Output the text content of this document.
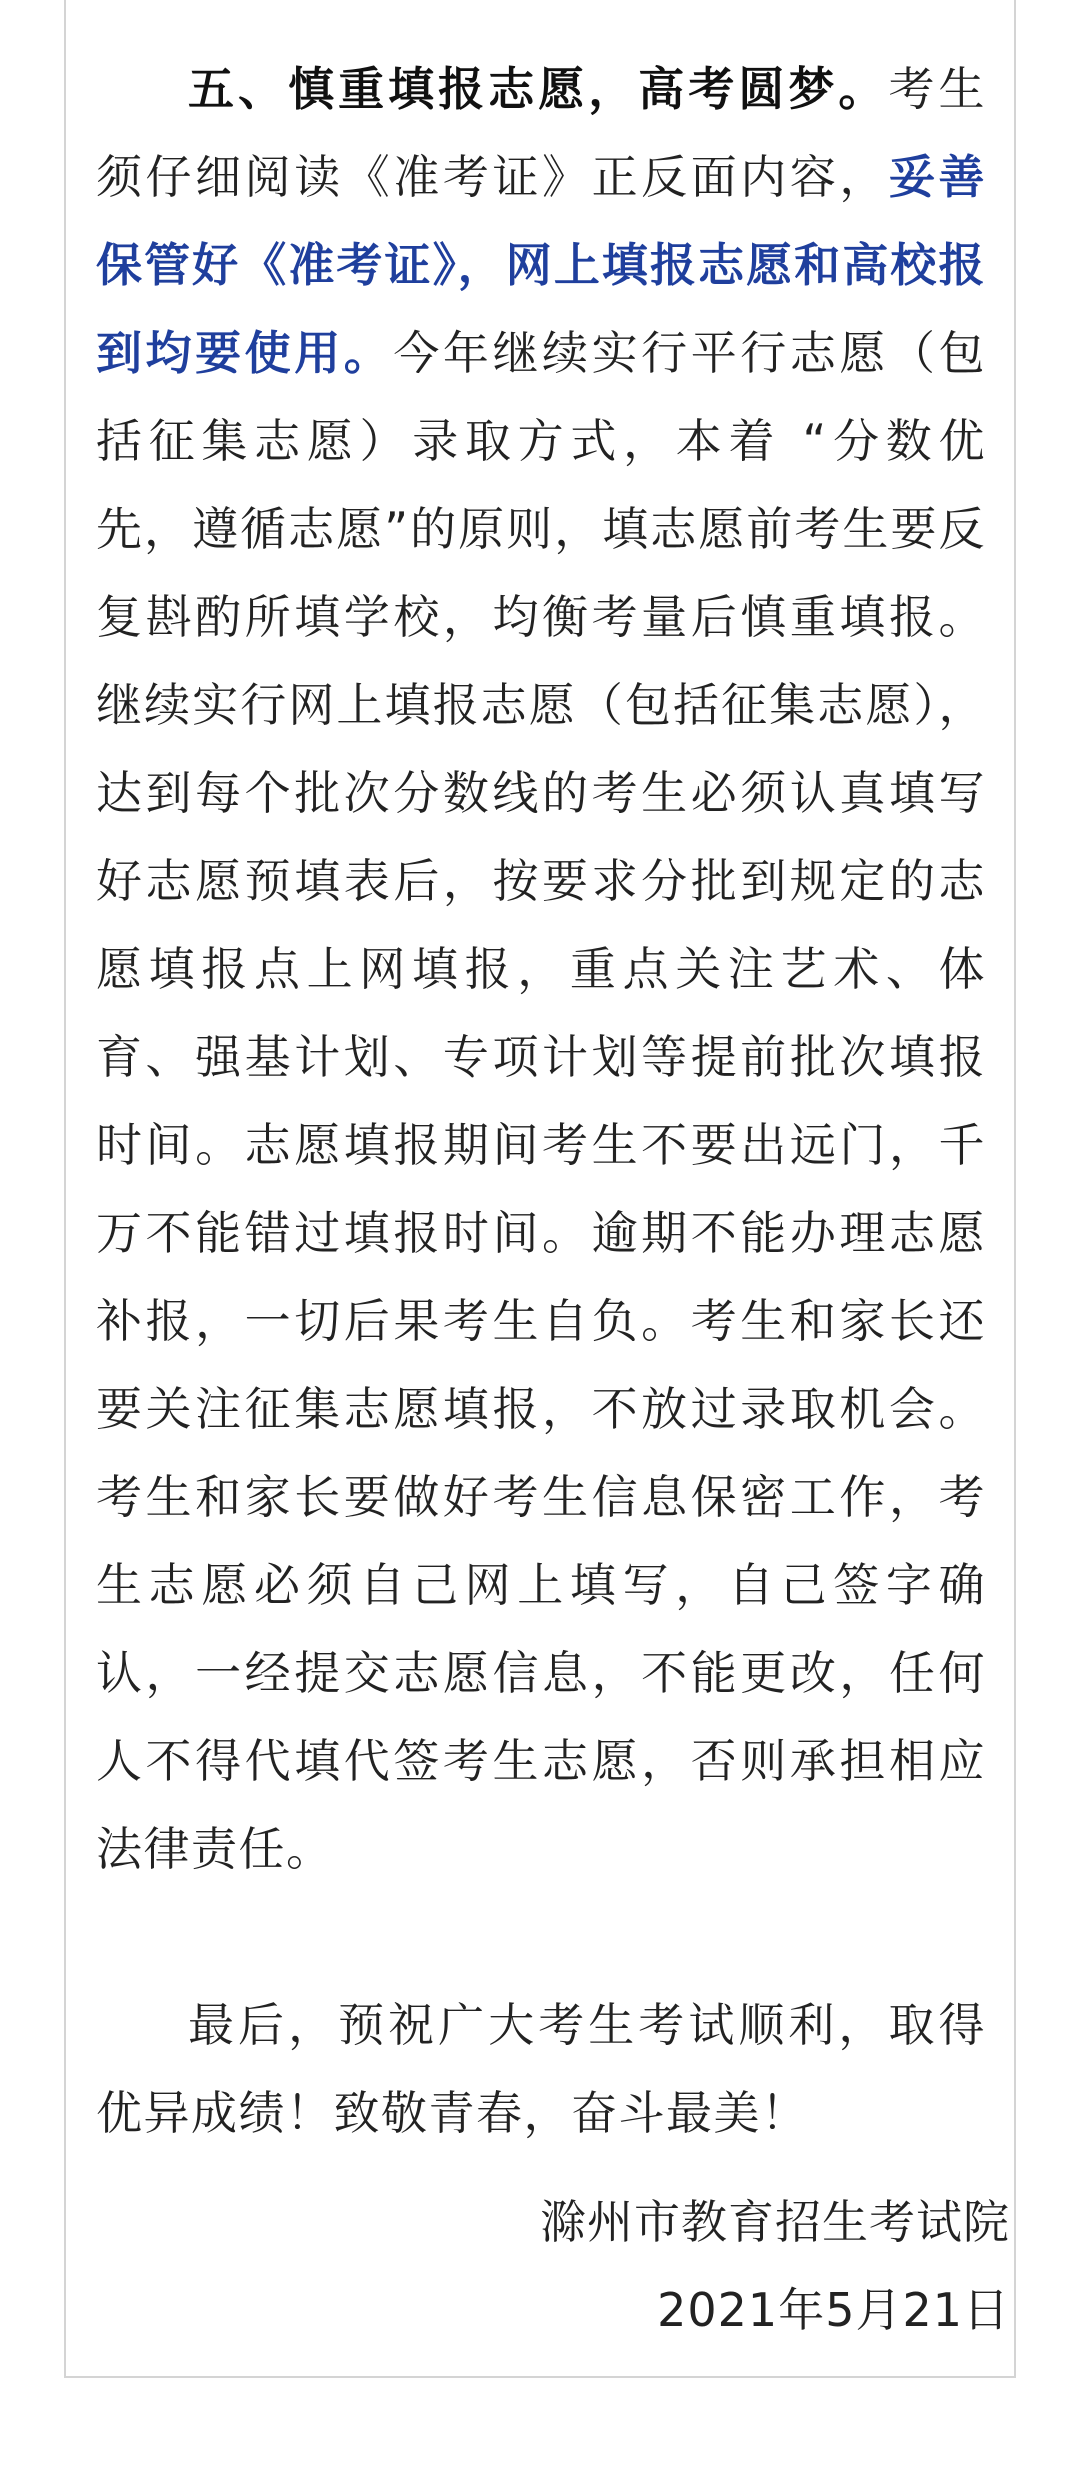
五、慎重填报志愿，高考圆梦。考生须仔细阅读《准考证》正反面内容，妥善保管好《准考证》，网上填报志愿和高校报到均要使用。今年继续实行平行志愿（包括征集志愿）录取方式，本着 “分数优先，遵循志愿”的原则，填志愿前考生要反复斟酌所填学校，均衡考量后慎重填报。继续实行网上填报志愿（包括征集志愿），达到每个批次分数线的考生必须认真填写好志愿预填表后，按要求分批到规定的志愿填报点上网填报，重点关注艺术、体育、强基计划、专项计划等提前批次填报时间。志愿填报期间考生不要出远门，千万不能错过填报时间。逾期不能办理志愿补报，一切后果考生自负。考生和家长还要关注征集志愿填报，不放过录取机会。考生和家长要做好考生信息保密工作，考生志愿必须自己网上填写，自己签字确认，一经提交志愿信息，不能更改，任何人不得代填代签考生志愿，否则承担相应法律责任。

最后，预祝广大考生考试顺利，取得优异成绩！致敬青春，奋斗最美！

滁州市教育招生考试院
2021年5月21日
